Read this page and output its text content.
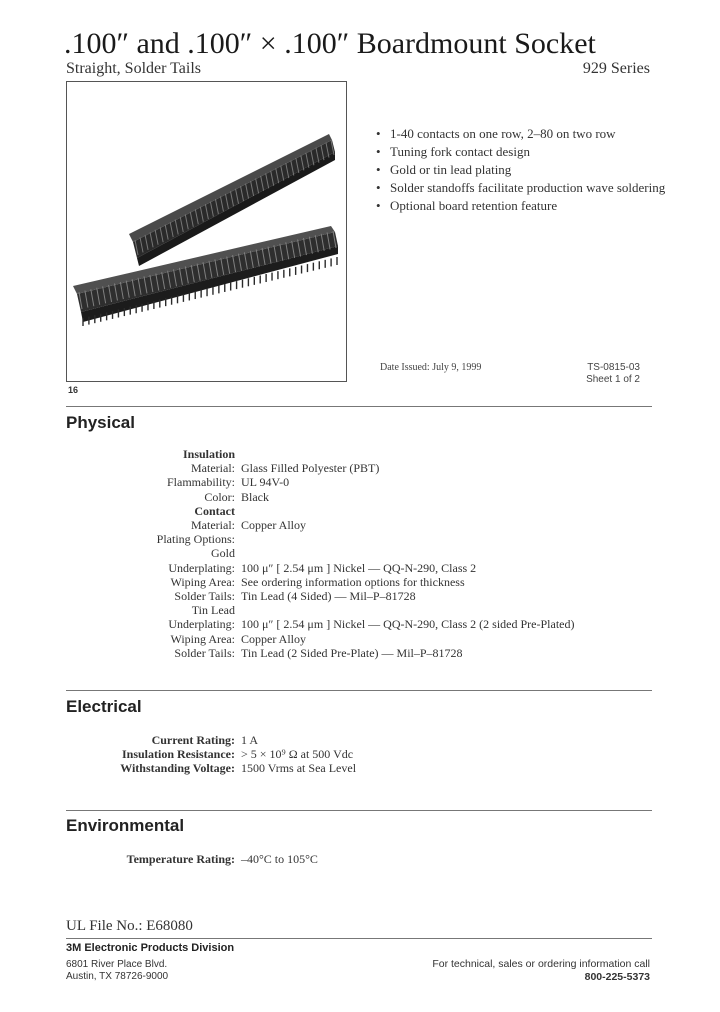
.100″ and .100″ × .100″ Boardmount Socket
Straight, Solder Tails	929 Series
16
• 1-40 contacts on one row, 2–80 on two row
• Tuning fork contact design
• Gold or tin lead plating
• Solder standoffs facilitate production wave soldering
• Optional board retention feature
Date Issued: July 9, 1999	TS-0815-03
Sheet 1 of 2
Physical
Insulation
Material: Glass Filled Polyester (PBT)
Flammability: UL 94V-0
Color: Black
Contact
Material: Copper Alloy
Plating Options:
Gold
Underplating: 100 μ″ [ 2.54 μm ] Nickel — QQ-N-290, Class 2
Wiping Area: See ordering information options for thickness
Solder Tails: Tin Lead (4 Sided) — Mil–P–81728
Tin Lead
Underplating: 100 μ″ [ 2.54 μm ] Nickel — QQ-N-290, Class 2 (2 sided Pre-Plated)
Wiping Area: Copper Alloy
Solder Tails: Tin Lead (2 Sided Pre-Plate) — Mil–P–81728
Electrical
Current Rating: 1 A
Insulation Resistance: > 5 × 10⁹ Ω at 500 Vdc
Withstanding Voltage: 1500 Vrms at Sea Level
Environmental
Temperature Rating: –40°C to 105°C
UL File No.: E68080
3M Electronic Products Division
6801 River Place Blvd.
Austin, TX 78726-9000
For technical, sales or ordering information call
800-225-5373
